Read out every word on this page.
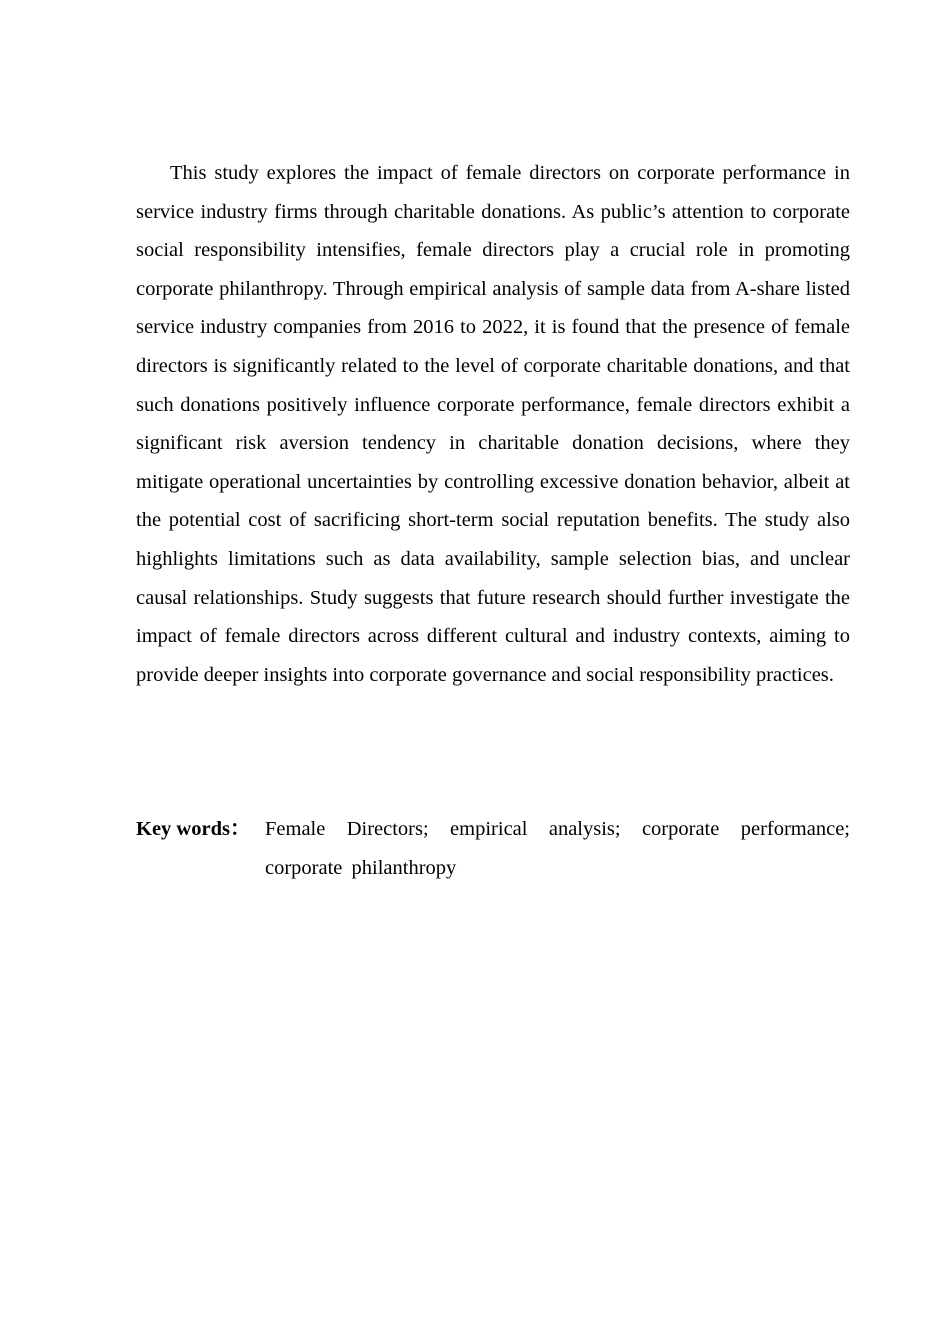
This study explores the impact of female directors on corporate performance in service industry firms through charitable donations. As public’s attention to corporate social responsibility intensifies, female directors play a crucial role in promoting corporate philanthropy. Through empirical analysis of sample data from A-share listed service industry companies from 2016 to 2022, it is found that the presence of female directors is significantly related to the level of corporate charitable donations, and that such donations positively influence corporate performance, female directors exhibit a significant risk aversion tendency in charitable donation decisions, where they mitigate operational uncertainties by controlling excessive donation behavior, albeit at the potential cost of sacrificing short-term social reputation benefits. The study also highlights limitations such as data availability, sample selection bias, and unclear causal relationships. Study suggests that future research should further investigate the impact of female directors across different cultural and industry contexts, aiming to provide deeper insights into corporate governance and social responsibility practices.

Key words： Female Directors; empirical analysis; corporate performance; corporate philanthropy
